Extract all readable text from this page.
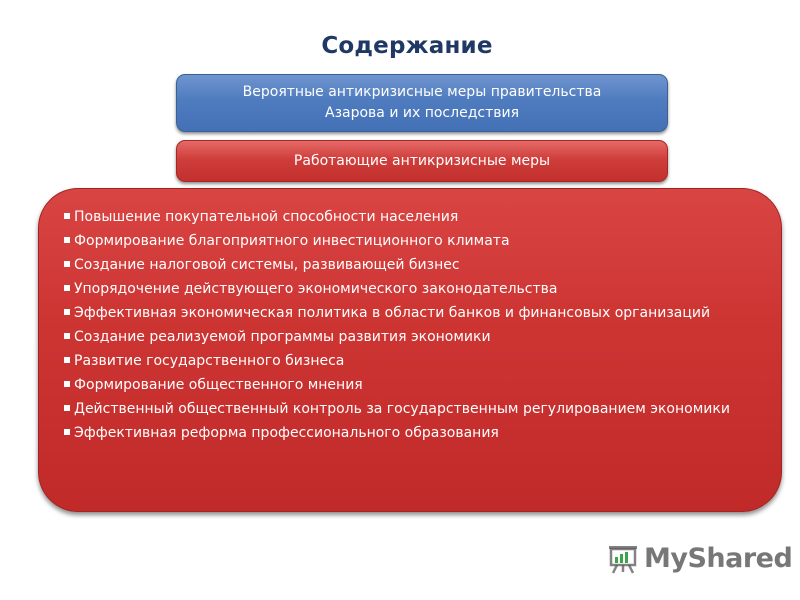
Содержание
Вероятные антикризисные меры правительства
Азарова и их последствия
Работающие антикризисные меры
Повышение покупательной способности населения
Формирование благоприятного инвестиционного климата
Создание налоговой системы, развивающей бизнес
Упорядочение действующего экономического законодательства
Эффективная экономическая политика в области банков и финансовых организаций
Создание реализуемой программы развития экономики
Развитие государственного бизнеса
Формирование общественного мнения
Действенный общественный контроль за государственным регулированием экономики
Эффективная реформа профессионального образования
MyShared
